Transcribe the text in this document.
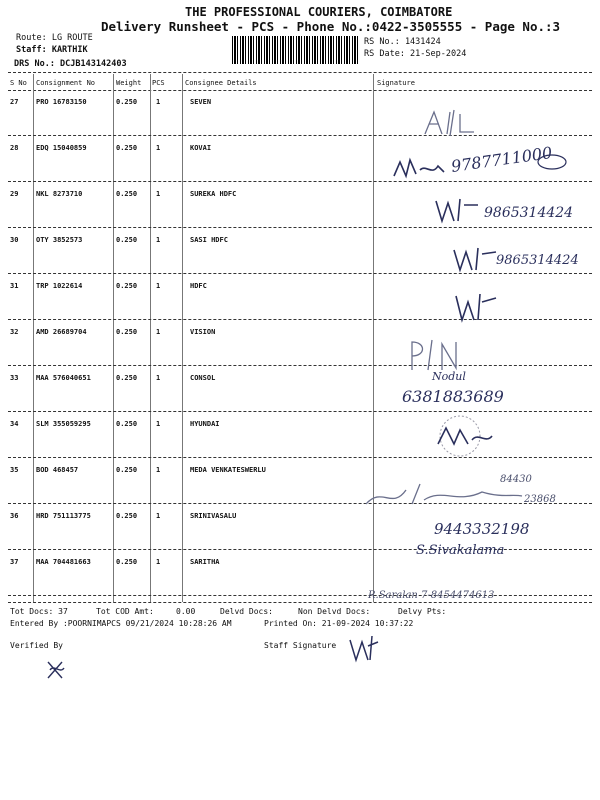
THE PROFESSIONAL COURIERS, COIMBATORE
Delivery Runsheet - PCS - Phone No.:0422-3505555 - Page No.:3
Route: LG ROUTE
Staff: KARTHIK
DRS No.: DCJB143142403
RS No.: 1431424
RS Date: 21-Sep-2024
S No Consignment No	Weight PCS	Consignee Details	Signature
27	PRO 16783150	0.250	1	SEVEN
28	EDQ 15040859	0.250	1	KOVAI
29	NKL 8273710	0.250	1	SUREKA HDFC
30	OTY 3852573	0.250	1	SASI HDFC
31	TRP 1022614	0.250	1	HDFC
32	AMD 26689704	0.250	1	VISION
33	MAA 576040651	0.250	1	CONSOL
34	SLM 355059295	0.250	1	HYUNDAI
35	BOD 468457	0.250	1	MEDA VENKATESWERLU
36	HRD 751113775	0.250	1	SRINIVASALU
37	MAA 704481663	0.250	1	SARITHA
9787711000
9865314424
9865314424
Nodul
6381883689
84430
23868
9443332198
S.Sivakalama
R.Saralan 7-8454474613
Tot Docs: 37	Tot COD Amt:	0.00	Delvd Docs:	Non Delvd Docs:	Delvy Pts:
Entered By :POORNIMAPCS 09/21/2024 10:28:26 AM	Printed On: 21-09-2024 10:37:22
Verified By	Staff Signature
